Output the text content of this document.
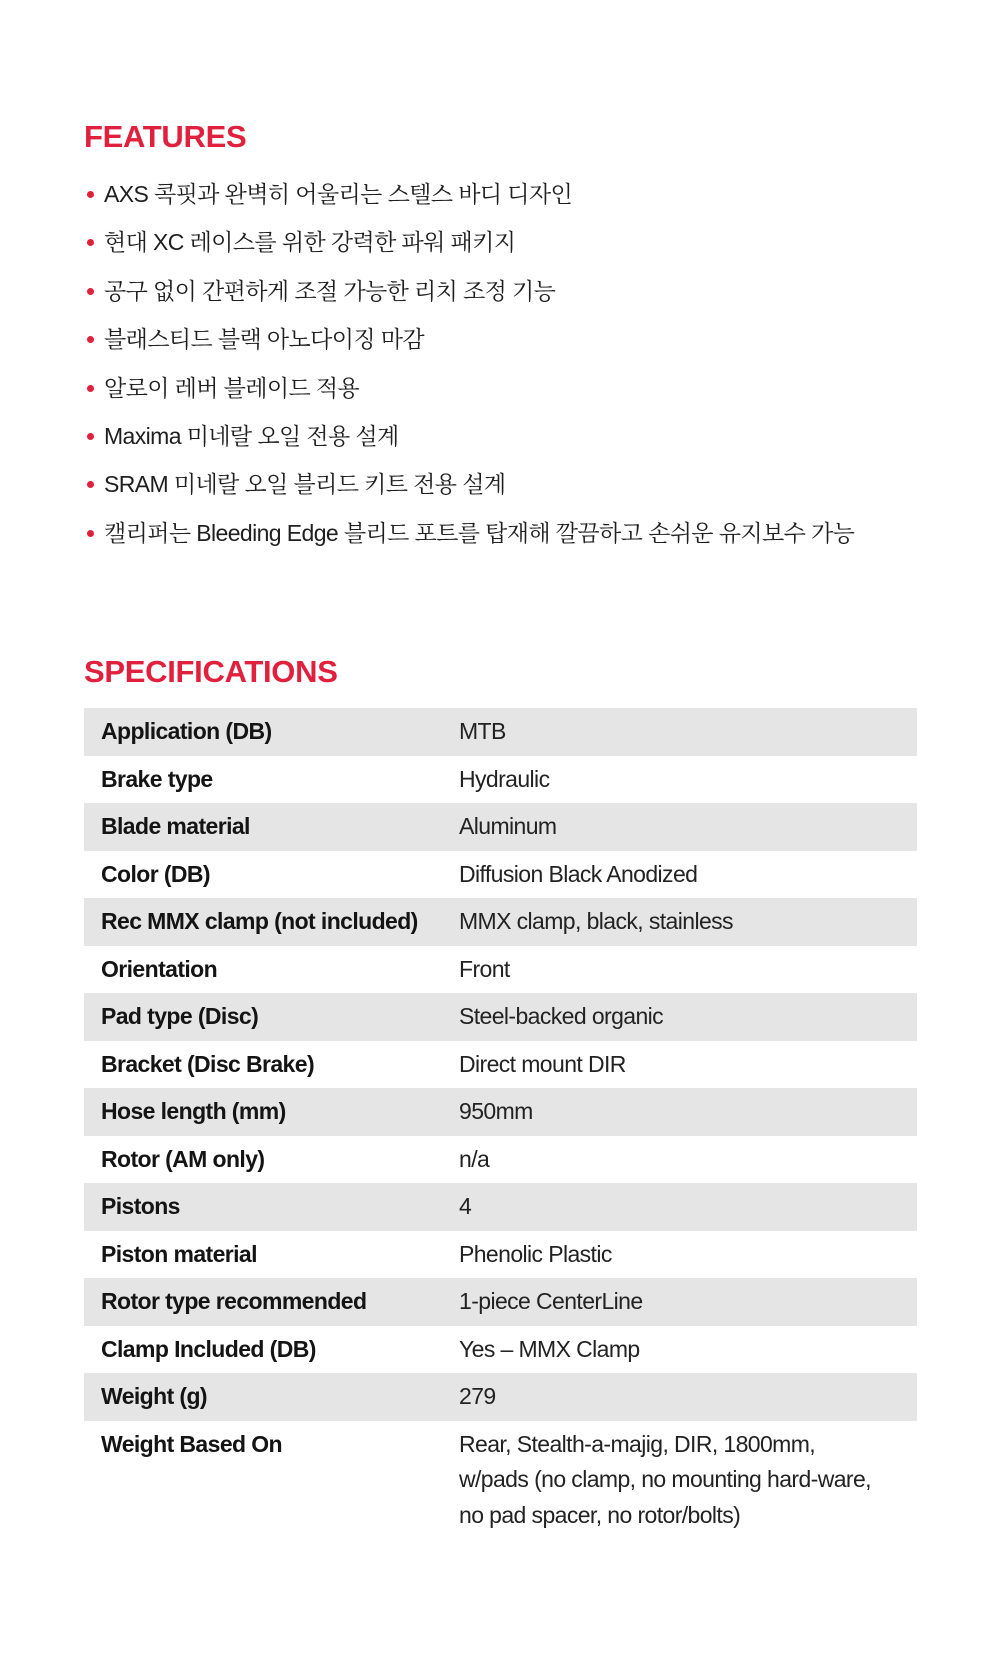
FEATURES
AXS 콕핏과 완벽히 어울리는 스텔스 바디 디자인
현대 XC 레이스를 위한 강력한 파워 패키지
공구 없이 간편하게 조절 가능한 리치 조정 기능
블래스티드 블랙 아노다이징 마감
알로이 레버 블레이드 적용
Maxima 미네랄 오일 전용 설계
SRAM 미네랄 오일 블리드 키트 전용 설계
캘리퍼는 Bleeding Edge 블리드 포트를 탑재해 깔끔하고 손쉬운 유지보수 가능
SPECIFICATIONS
Application (DB)	MTB
Brake type	Hydraulic
Blade material	Aluminum
Color (DB)	Diffusion Black Anodized
Rec MMX clamp (not included)	MMX clamp, black, stainless
Orientation	Front
Pad type (Disc)	Steel-backed organic
Bracket (Disc Brake)	Direct mount DIR
Hose length (mm)	950mm
Rotor (AM only)	n/a
Pistons	4
Piston material	Phenolic Plastic
Rotor type recommended	1-piece CenterLine
Clamp Included (DB)	Yes – MMX Clamp
Weight (g)	279
Weight Based On	Rear, Stealth-a-majig, DIR, 1800mm, w/pads (no clamp, no mounting hard-ware, no pad spacer, no rotor/bolts)
